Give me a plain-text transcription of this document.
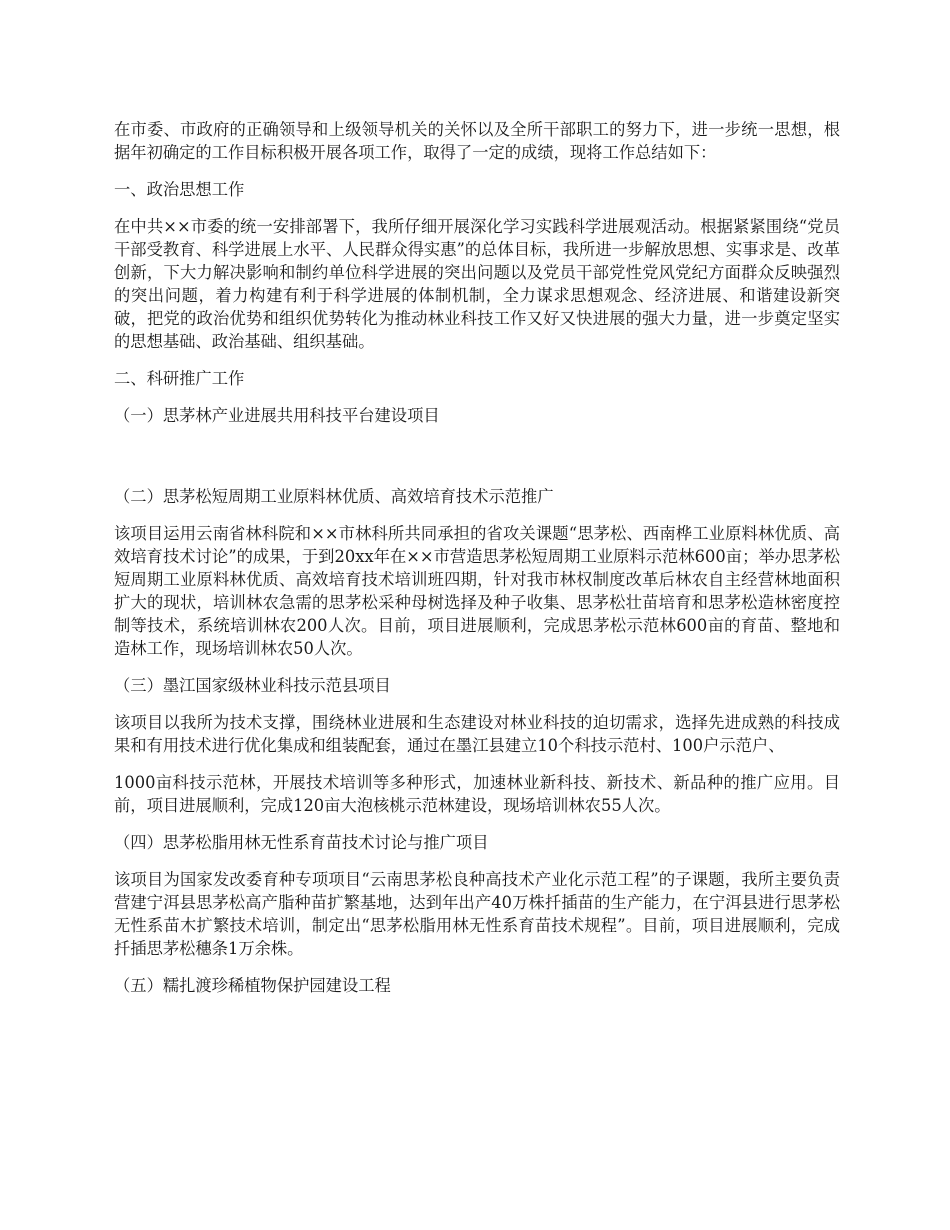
在市委、市政府的正确领导和上级领导机关的关怀以及全所干部职工的努力下，进一步统一思想，根据年初确定的工作目标积极开展各项工作，取得了一定的成绩，现将工作总结如下：

一、政治思想工作

在中共××市委的统一安排部署下，我所仔细开展深化学习实践科学进展观活动。根据紧紧围绕“党员干部受教育、科学进展上水平、人民群众得实惠”的总体目标，我所进一步解放思想、实事求是、改革创新，下大力解决影响和制约单位科学进展的突出问题以及党员干部党性党风党纪方面群众反映强烈的突出问题，着力构建有利于科学进展的体制机制，全力谋求思想观念、经济进展、和谐建设新突破，把党的政治优势和组织优势转化为推动林业科技工作又好又快进展的强大力量，进一步奠定坚实的思想基础、政治基础、组织基础。

二、科研推广工作

（一）思茅林产业进展共用科技平台建设项目

（二）思茅松短周期工业原料林优质、高效培育技术示范推广

该项目运用云南省林科院和××市林科所共同承担的省攻关课题“思茅松、西南桦工业原料林优质、高效培育技术讨论”的成果，于到20xx年在××市营造思茅松短周期工业原料示范林600亩；举办思茅松短周期工业原料林优质、高效培育技术培训班四期，针对我市林权制度改革后林农自主经营林地面积扩大的现状，培训林农急需的思茅松采种母树选择及种子收集、思茅松壮苗培育和思茅松造林密度控制等技术，系统培训林农200人次。目前，项目进展顺利，完成思茅松示范林600亩的育苗、整地和造林工作，现场培训林农50人次。

（三）墨江国家级林业科技示范县项目

该项目以我所为技术支撑，围绕林业进展和生态建设对林业科技的迫切需求，选择先进成熟的科技成果和有用技术进行优化集成和组装配套，通过在墨江县建立10个科技示范村、100户示范户、

1000亩科技示范林，开展技术培训等多种形式，加速林业新科技、新技术、新品种的推广应用。目前，项目进展顺利，完成120亩大泡核桃示范林建设，现场培训林农55人次。

（四）思茅松脂用林无性系育苗技术讨论与推广项目

该项目为国家发改委育种专项项目“云南思茅松良种高技术产业化示范工程”的子课题，我所主要负责营建宁洱县思茅松高产脂种苗扩繁基地，达到年出产40万株扦插苗的生产能力，在宁洱县进行思茅松无性系苗木扩繁技术培训，制定出“思茅松脂用林无性系育苗技术规程”。目前，项目进展顺利，完成扦插思茅松穗条1万余株。

（五）糯扎渡珍稀植物保护园建设工程
